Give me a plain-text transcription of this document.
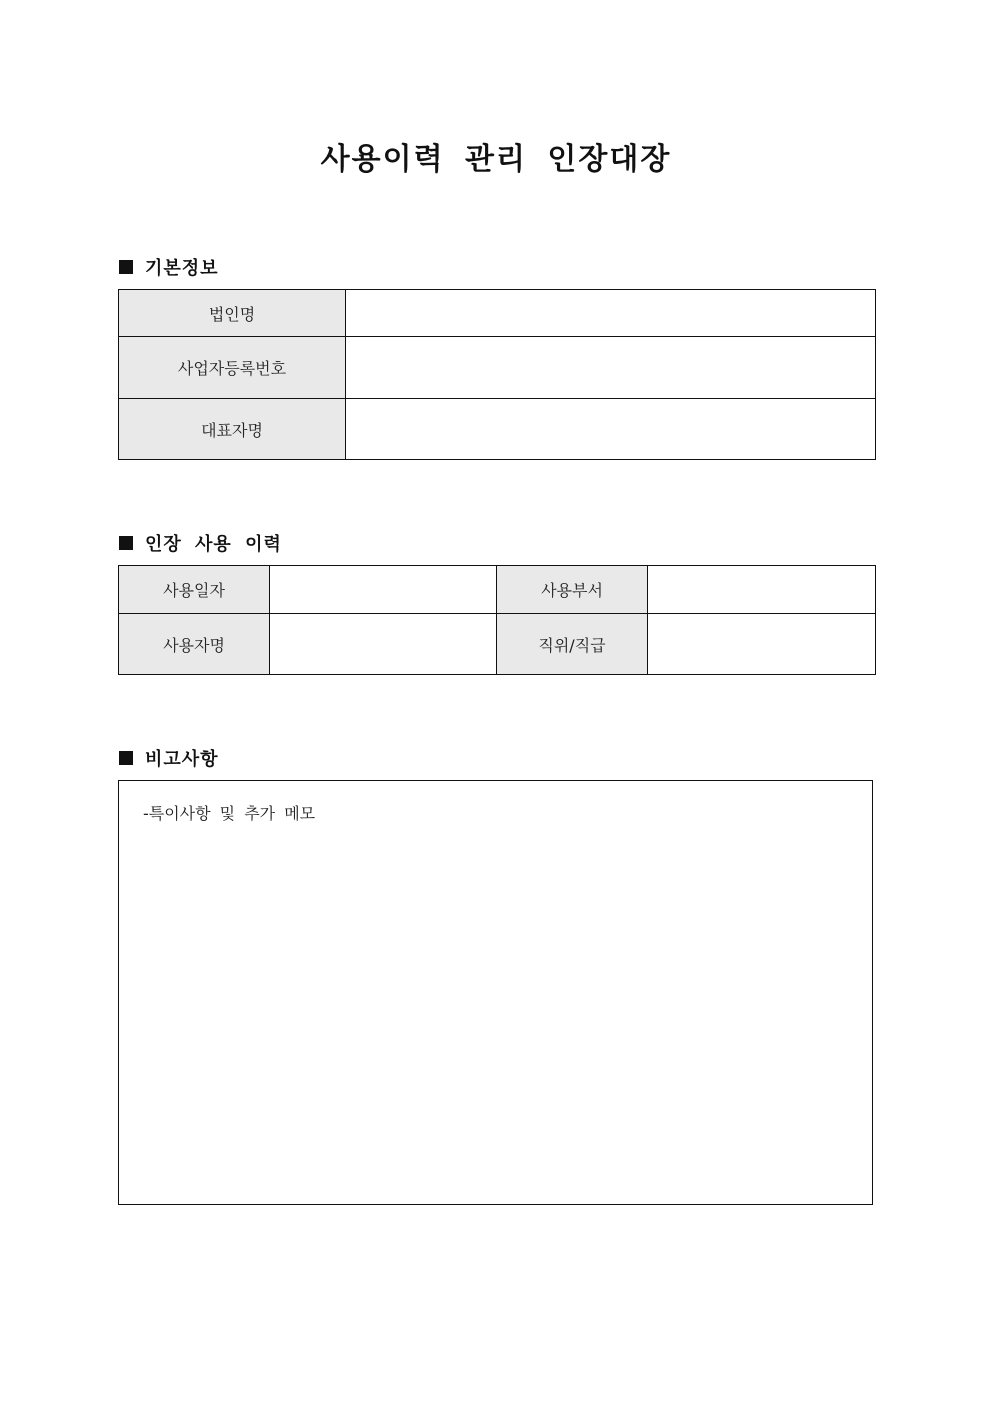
사용이력 관리 인장대장
기본정보
법인명	
사업자등록번호	
대표자명	
인장 사용 이력
사용일자		사용부서	
사용자명		직위/직급	
비고사항
-특이사항 및 추가 메모
